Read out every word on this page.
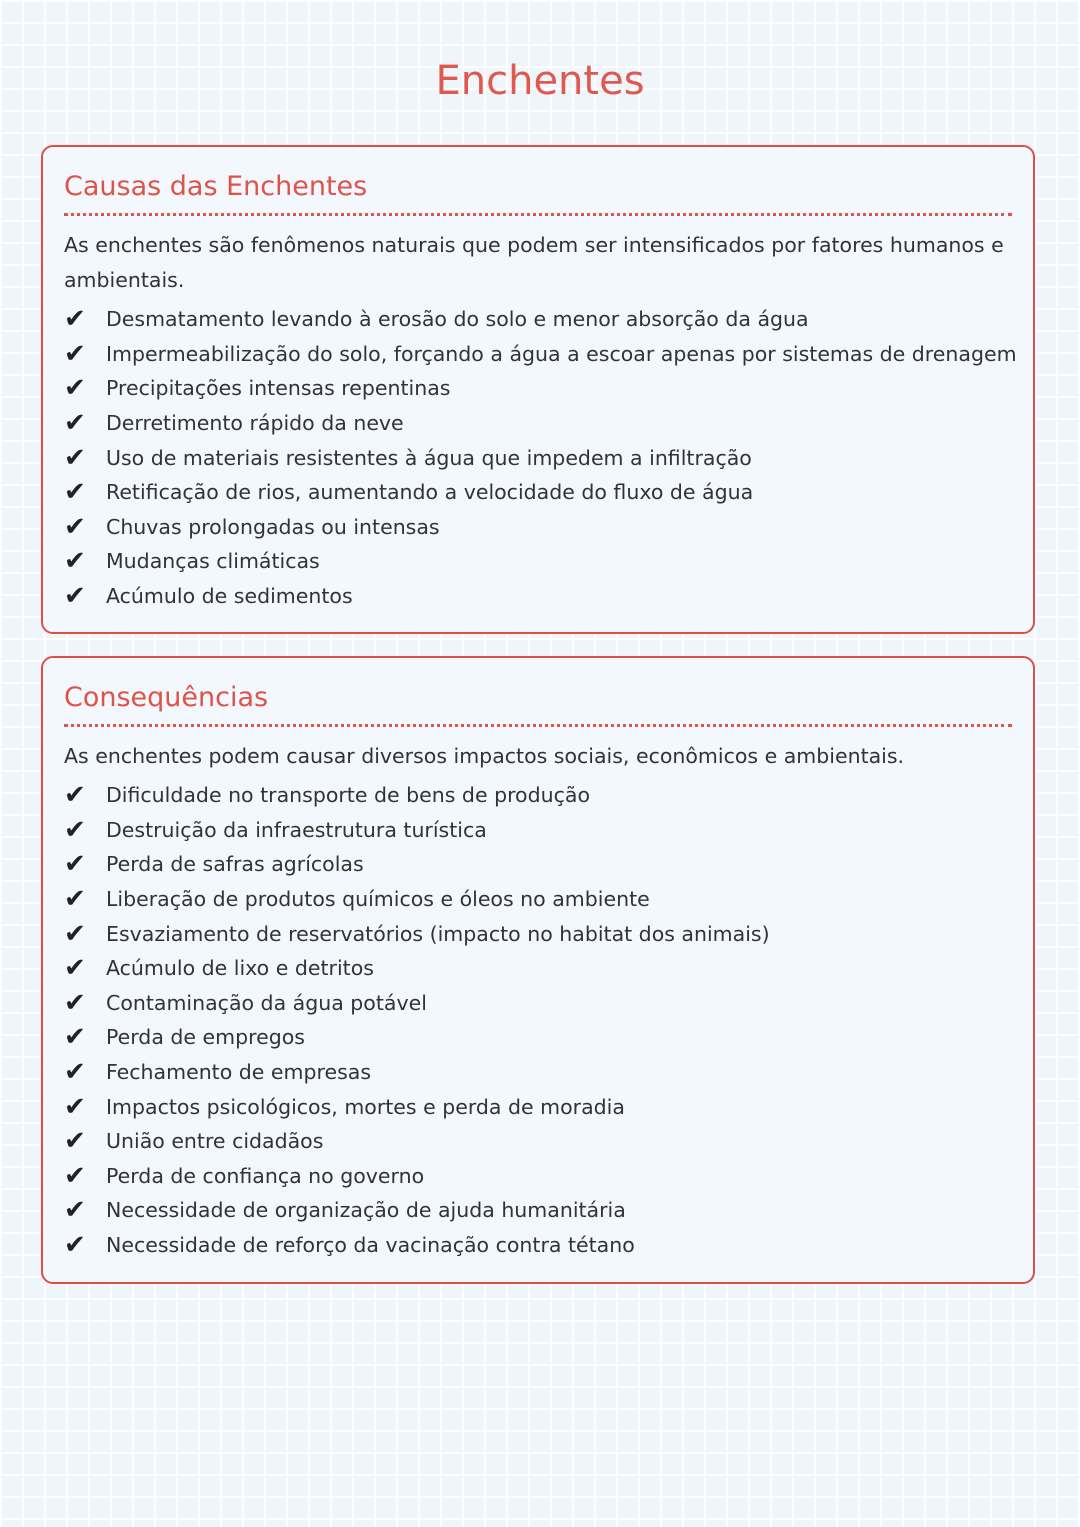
Enchentes
Causas das Enchentes

As enchentes são fenômenos naturais que podem ser intensificados por fatores humanos e ambientais.

✔ Desmatamento levando à erosão do solo e menor absorção da água
✔ Impermeabilização do solo, forçando a água a escoar apenas por sistemas de drenagem
✔ Precipitações intensas repentinas
✔ Derretimento rápido da neve
✔ Uso de materiais resistentes à água que impedem a infiltração
✔ Retificação de rios, aumentando a velocidade do fluxo de água
✔ Chuvas prolongadas ou intensas
✔ Mudanças climáticas
✔ Acúmulo de sedimentos
Consequências

As enchentes podem causar diversos impactos sociais, econômicos e ambientais.

✔ Dificuldade no transporte de bens de produção
✔ Destruição da infraestrutura turística
✔ Perda de safras agrícolas
✔ Liberação de produtos químicos e óleos no ambiente
✔ Esvaziamento de reservatórios (impacto no habitat dos animais)
✔ Acúmulo de lixo e detritos
✔ Contaminação da água potável
✔ Perda de empregos
✔ Fechamento de empresas
✔ Impactos psicológicos, mortes e perda de moradia
✔ União entre cidadãos
✔ Perda de confiança no governo
✔ Necessidade de organização de ajuda humanitária
✔ Necessidade de reforço da vacinação contra tétano
